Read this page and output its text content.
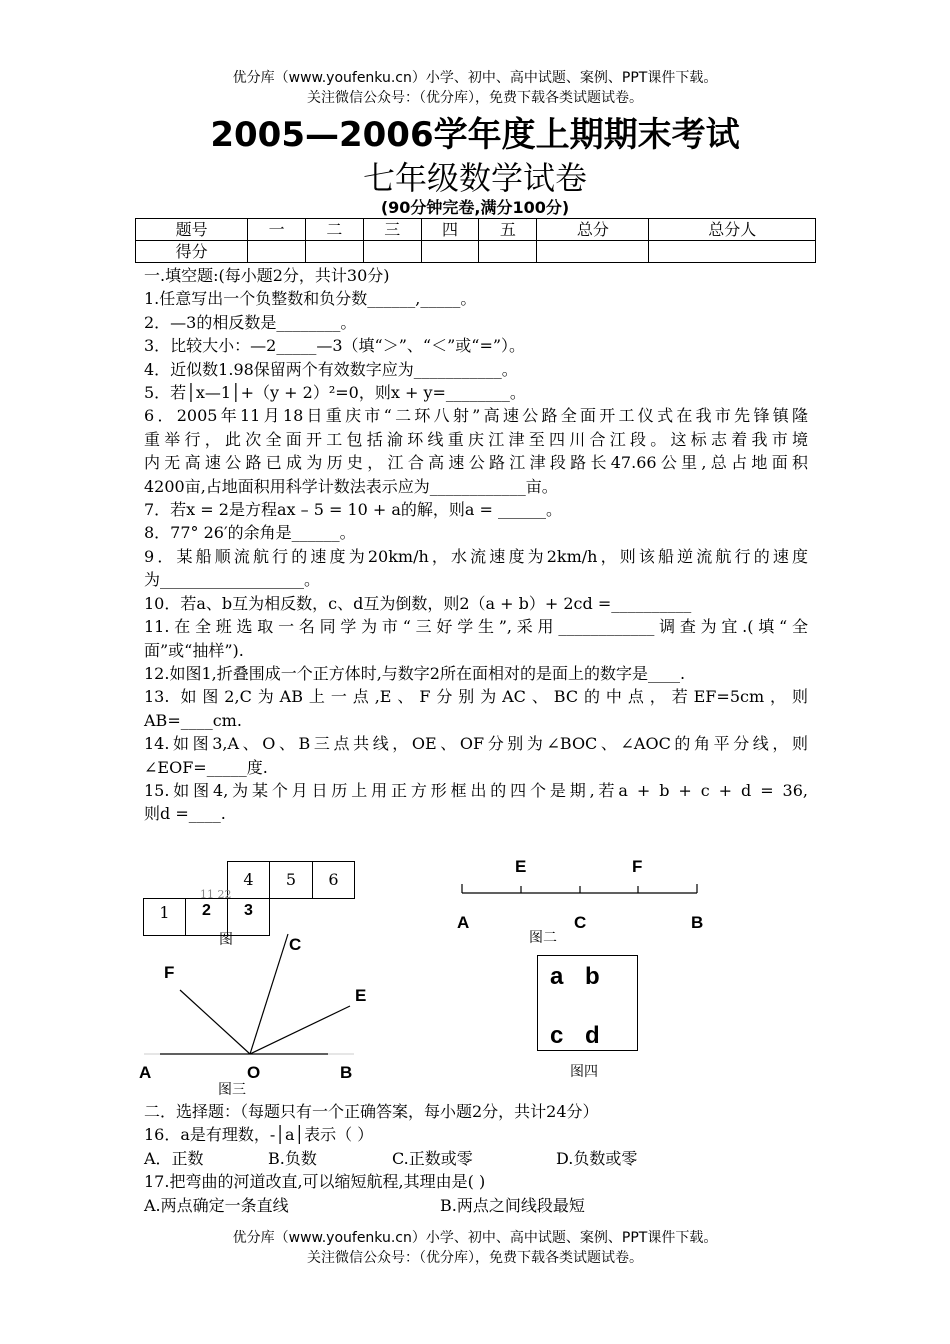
优分库（www.youfenku.cn）小学、初中、高中试题、案例、PPT课件下载。
关注微信公众号：（优分库），免费下载各类试题试卷。
2005—2006学年度上期期末考试
七年级数学试卷
(90分钟完卷,满分100分)
题号	一	二	三	四	五	总分	总分人
得分							

一.填空题:(每小题2分，共计30分)

1.任意写出一个负整数和负分数______,_____。

2．—3的相反数是________。

3．比较大小：—2_____—3（填“＞”、“＜”或“=”）。

4．近似数1.98保留两个有效数字应为___________。

5．若│x—1│+（y + 2）²=0，则x + y=________。

6．2005年11月18日重庆市“二环八射”高速公路全面开工仪式在我市先锋镇隆

重举行，此次全面开工包括渝环线重庆江津至四川合江段。这标志着我市境

内无高速公路已成为历史，江合高速公路江津段路长47.66公里,总占地面积

4200亩,占地面积用科学计数法表示应为____________亩。

7．若x = 2是方程ax – 5 = 10 + a的解，则a = ______。

8．77° 26′的余角是______。

9．某船顺流航行的速度为20km/h，水流速度为2km/h，则该船逆流航行的速度

为__________________。

10．若a、b互为相反数，c、d互为倒数，则2（a + b）+ 2cd =__________

11.在全班选取一名同学为市“三好学生”,采用____________调查为宜.(填“全

面”或“抽样”).

12.如图1,折叠围成一个正方体时,与数字2所在面相对的是面上的数字是____.

13. 如图2,C为AB上一点,E、F分别为AC、BC的中点，若EF=5cm，则

AB=____cm.

14.如图3,A、O、B三点共线，OE、OF分别为∠BOC、∠AOC的角平分线，则

∠EOF=_____度.

15.如图4,为某个月日历上用正方形框出的四个是期,若a + b + c + d = 36,

则d =____.

4	5	6
1	2	3
11 22
图
E	F
A	C	B
图二
C
F
E
A	O	B
图三
a b
c d
图四

二．选择题：（每题只有一个正确答案，每小题2分，共计24分）

16．a是有理数，-│a│表示（ ）

A．正数	B.负数	C.正数或零	D.负数或零

17.把弯曲的河道改直,可以缩短航程,其理由是( )

A.两点确定一条直线	B.两点之间线段最短
优分库（www.youfenku.cn）小学、初中、高中试题、案例、PPT课件下载。
关注微信公众号：（优分库），免费下载各类试题试卷。
